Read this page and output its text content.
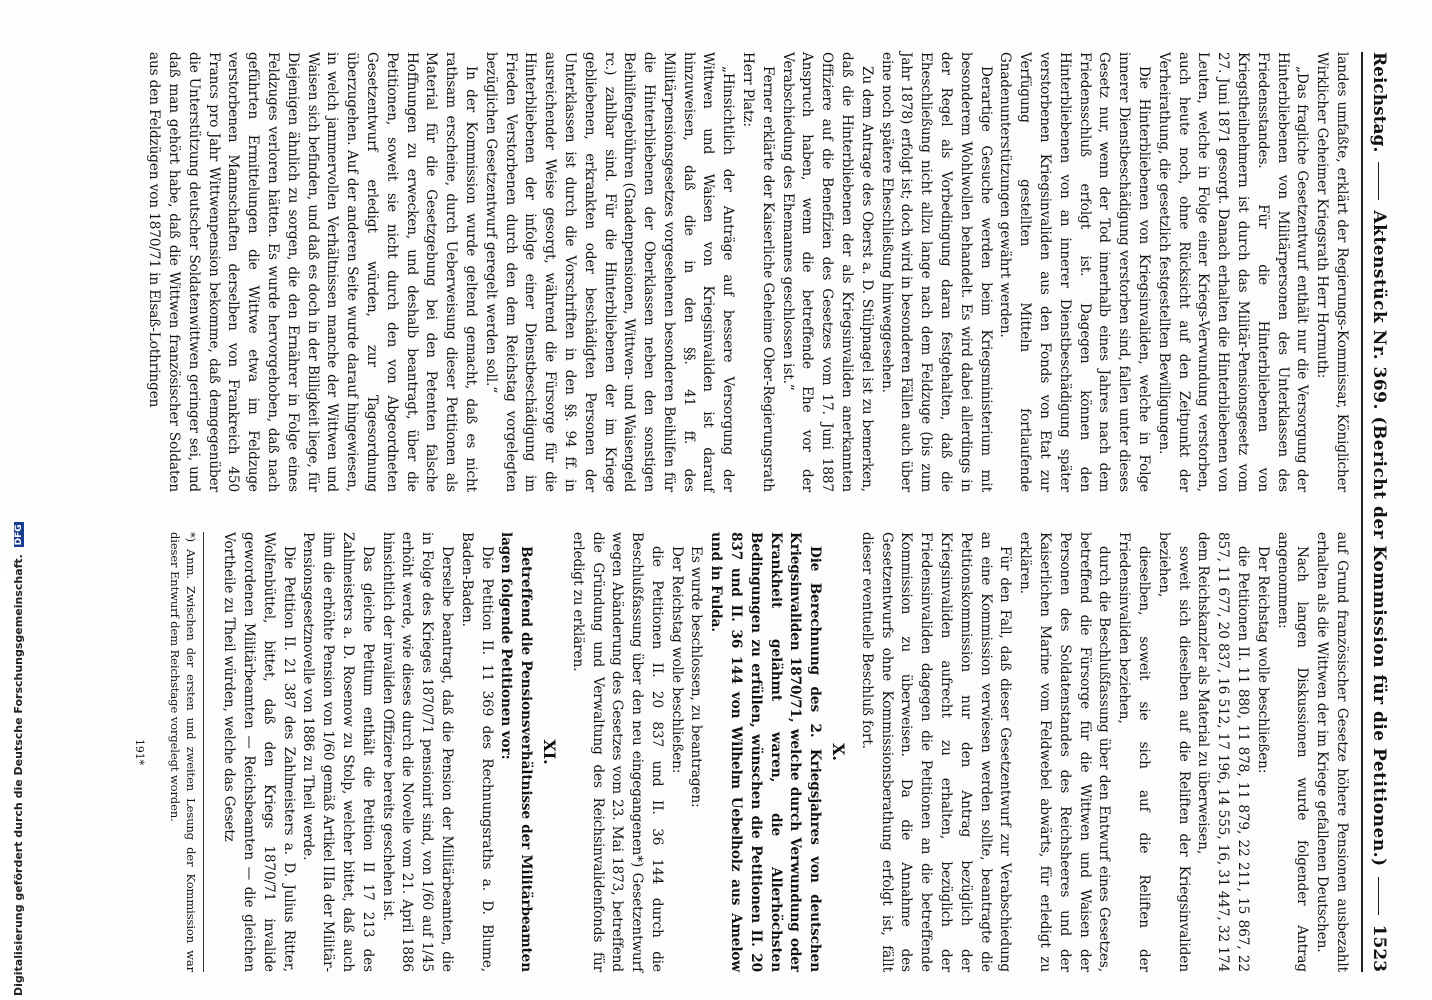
Reichstag.
Aktenstück Nr. 369. (Bericht der Kommission für die Petitionen.)
1523

landes umfaßte, erklärt der Regierungs-Kommissar, Königlicher Wirklicher Geheimer Kriegsrath Herr Hormuth:

„Das fragliche Gesetzentwurf enthält nur die Versorgung der Hinterbliebenen von Militärpersonen des Unterklassen des Friedensstandes. Für die Hinterbliebenen von Kriegstheilnehmern ist durch das Militär-Pensionsgesetz vom 27. Juni 1871 gesorgt. Danach erhalten die Hinterbliebenen von Leuten, welche in Folge einer Kriegs-Verwundung verstorben, auch heute noch, ohne Rücksicht auf den Zeitpunkt der Verheirathung, die gesetzlich festgestellten Bewilligungen.

Die Hinterbliebenen von Kriegsinvaliden, welche in Folge innerer Dienstbeschädigung verstorben sind, fallen unter dieses Gesetz nur, wenn der Tod innerhalb eines Jahres nach dem Friedensschluß erfolgt ist. Dagegen können den Hinterbliebenen von an innerer Dienstbeschädigung später verstorbenen Kriegsinvaliden aus den Fonds von Etat zur Verfügung gestellten Mitteln fortlaufende Gnadenunterstützungen gewährt werden.

Derartige Gesuche werden beim Kriegsministerium mit besonderem Wohlwollen behandelt. Es wird dabei allerdings in der Regel als Vorbedingung daran festgehalten, daß die Eheschließung nicht allzu lange nach dem Feldzuge (bis zum Jahr 1878) erfolgt ist; doch wird in besonderen Fällen auch über eine noch spätere Eheschließung hinweggesehen.

Zu dem Antrage des Oberst a. D. Stülpnagel ist zu bemerken, daß die Hinterbliebenen der als Kriegsinvaliden anerkannten Offiziere auf die Benefizien des Gesetzes vom 17. Juni 1887 Anspruch haben, wenn die betreffende Ehe vor der Verabschiedung des Ehemannes geschlossen ist.“

Ferner erklärte der Kaiserliche Geheime Ober-Regierungsrath Herr Platz:

„Hinsichtlich der Anträge auf bessere Versorgung der Wittwen und Waisen von Kriegsinvaliden ist darauf hinzuweisen, daß die in den §§. 41 ff. des Militärpensionsgesetzes vorgesehenen besonderen Beihilfen für die Hinterbliebenen der Oberklassen neben den sonstigen Beihilfengebühren (Gnadenpensionen, Wittwen- und Waisengeld rc.) zahlbar sind. Für die Hinterbliebenen der im Kriege gebliebenen, erkrankten oder beschädigten Personen der Unterklassen ist durch die Vorschriften in den §§. 94 ff. in ausreichender Weise gesorgt, während die Fürsorge für die Hinterbliebenen der infolge einer Dienstbeschädigung im Frieden Verstorbenen durch den dem Reichstag vorgelegten bezüglichen Gesetzentwurf geregelt werden soll.“

In der Kommission wurde geltend gemacht, daß es nicht rathsam erscheine, durch Ueberweisung dieser Petitionen als Material für die Gesetzgebung bei den Petenten falsche Hoffnungen zu erwecken, und deshalb beantragt, über die Petitionen, soweit sie nicht durch den von Abgeordneten Gesetzentwurf erledigt würden, zur Tagesordnung überzugehen. Auf der anderen Seite wurde darauf hingewiesen, in welch jammervollen Verhältnissen manche der Wittwen und Waisen sich befinden, und daß es doch in der Billigkeit liege, für Diejenigen ähnlich zu sorgen, die den Ernährer in Folge eines Feldzuges verloren hätten. Es wurde hervorgehoben, daß nach geführten Ermittelungen die Wittwe etwa im Feldzuge verstorbenen Mannschaften derselben von Frankreich 450 Francs pro Jahr Wittwenpension bekomme, daß demgegenüber die Unterstützung deutscher Soldatenwittwen geringer sei, und daß man gehört habe, daß die Wittwen französischer Soldaten aus den Feldzügen von 1870/71 in Elsaß-Lothringen

auf Grund französischer Gesetze höhere Pensionen ausbezahlt erhalten als die Wittwen der im Kriege gefallenen Deutschen.

Nach langen Diskussionen wurde folgender Antrag angenommen:

Der Reichstag wolle beschließen:

die Petitionen II. 11 880, 11 878, 11 879, 22 211, 15 867, 22 857, 11 677, 20 837, 16 512, 17 196, 14 555, 16, 31 447, 32 174 dem Reichskanzler als Material zu überweisen,

soweit sich dieselben auf die Reliften der Kriegsinvaliden beziehen,

dieselben, soweit sie sich auf die Reliften der Friedensinvaliden beziehen,

durch die Beschlußfassung über den Entwurf eines Gesetzes, betreffend die Fürsorge für die Wittwen und Waisen der Personen des Soldatenstandes des Reichsheeres und der Kaiserlichen Marine vom Feldwebel abwärts, für erledigt zu erklären.

Für den Fall, daß dieser Gesetzentwurf zur Verabschiedung an eine Kommission verwiesen werden sollte, beantragte die Petitionskommission nur den Antrag bezüglich der Kriegsinvaliden aufrecht zu erhalten, bezüglich der Friedensinvaliden dagegen die Petitionen an die betreffende Kommission zu überweisen. Da die Annahme des Gesetzentwurfs ohne Kommissionsberathung erfolgt ist, fällt dieser eventuelle Beschluß fort.

X.

Die Berechnung des 2. Kriegsjahres von deutschen Kriegsinvaliden 1870/71, welche durch Verwundung oder Krankheit gelähmt waren, die Allerhöchsten Bedingungen zu erfüllen, wünschen die Petitionen II. 20 837 und II. 36 144 von Wilhelm Uebelholz aus Amelow und in Fulda.

Es wurde beschlossen, zu beantragen:

Der Reichstag wolle beschließen:

die Petitionen II. 20 837 und II. 36 144 durch die Beschlußfassung über den neu eingegangenen*) Gesetzentwurf wegen Abänderung des Gesetzes vom 23. Mai 1873, betreffend die Gründung und Verwaltung des Reichsinvalidenfonds für erledigt zu erklären.

XI.

Betreffend die Pensionsverhältnisse der Militärbeamten lagen folgende Petitionen vor:

Die Petition II. 11 369 des Rechnungsraths a. D. Blume, Baden-Baden.

Derselbe beantragt, daß die Pension der Militärbeamten, die in Folge des Krieges 1870/71 pensionirt sind, von 1/60 auf 1/45 erhöht werde, wie dieses durch die Novelle vom 21. April 1886 hinsichtlich der invaliden Offiziere bereits geschehen ist.

Das gleiche Petitum enthält die Petition II 17 213 des Zahlmeisters a. D. Rosenow zu Stolp, welcher bittet, daß auch ihm die erhöhte Pension von 1/60 gemäß Artikel IIIa der Militär-Pensionsgesetznovelle von 1886 zu Theil werde.

Die Petition II. 21 387 des Zahlmeisters a. D. Julius Ritter, Wolfenbüttel, bittet, daß den Kriegs 1870/71 invalide gewordenen Militärbeamten — Reichsbeamten — die gleichen Vortheile zu Theil würden, welche das Gesetz

*) Anm. Zwischen der ersten und zweiten Lesung der Kommission war dieser Entwurf dem Reichstage vorgelegt worden.
191*
Digitalisierung gefördert durch die Deutsche Forschungsgemeinschaft. DFG
